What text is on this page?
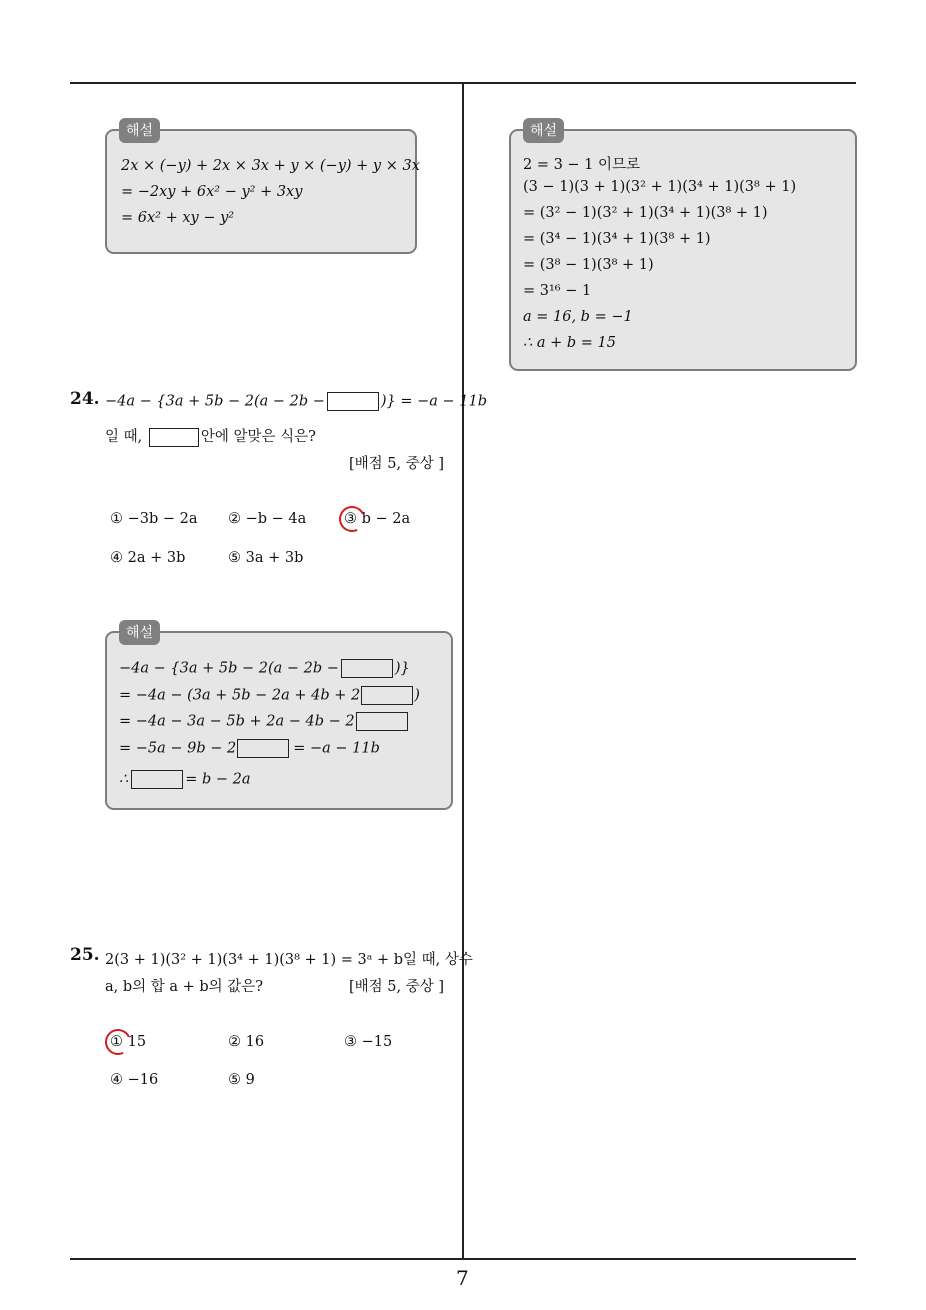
해설
2x × (−y) + 2x × 3x + y × (−y) + y × 3x
= −2xy + 6x² − y² + 3xy
= 6x² + xy − y²
해설
2 = 3 − 1 이므로
(3 − 1)(3 + 1)(3² + 1)(3⁴ + 1)(3⁸ + 1)
= (3² − 1)(3² + 1)(3⁴ + 1)(3⁸ + 1)
= (3⁴ − 1)(3⁴ + 1)(3⁸ + 1)
= (3⁸ − 1)(3⁸ + 1)
= 3¹⁶ − 1
a = 16, b = −1
∴ a + b = 15
24. −4a − {3a + 5b − 2(a − 2b −	)} = −a − 11b
일 때,	안에 알맞은 식은?
[배점 5, 중상 ]
① −3b − 2a ② −b − 4a	③ b − 2a
④ 2a + 3b	⑤ 3a + 3b
해설
−4a − {3a + 5b − 2(a − 2b −	)}
= −4a − (3a + 5b − 2a + 4b + 2	)
= −4a − 3a − 5b + 2a − 4b − 2
= −5a − 9b − 2	= −a − 11b
∴	= b − 2a
25. 2(3 + 1)(3² + 1)(3⁴ + 1)(3⁸ + 1) = 3ᵃ + b일 때, 상수
a, b의 합 a + b의 값은?	[배점 5, 중상 ]
① 15	② 16	③ −15
④ −16	⑤ 9
7
